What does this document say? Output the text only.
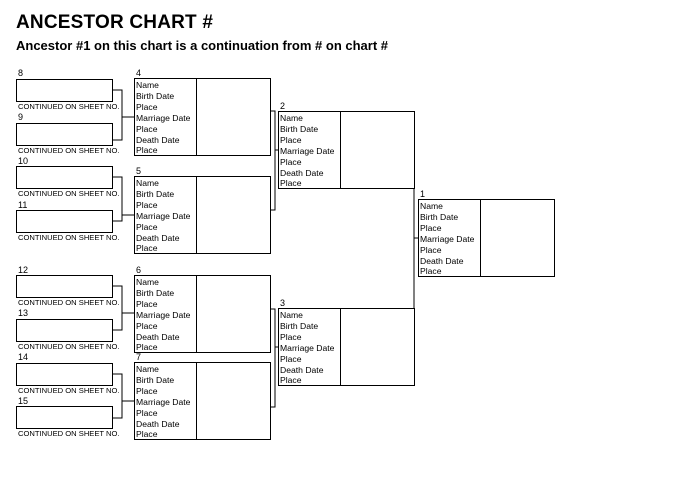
ANCESTOR CHART #
Ancestor #1 on this chart is a continuation from # on chart #
8
CONTINUED ON SHEET NO.
9
CONTINUED ON SHEET NO.
10
CONTINUED ON SHEET NO.
11
CONTINUED ON SHEET NO.
12
CONTINUED ON SHEET NO.
13
CONTINUED ON SHEET NO.
14
CONTINUED ON SHEET NO.
15
CONTINUED ON SHEET NO.
4
Name
Birth Date
Place
Marriage Date
Place
Death Date
Place
5
Name
Birth Date
Place
Marriage Date
Place
Death Date
Place
6
Name
Birth Date
Place
Marriage Date
Place
Death Date
Place
7
Name
Birth Date
Place
Marriage Date
Place
Death Date
Place
2
Name
Birth Date
Place
Marriage Date
Place
Death Date
Place
3
Name
Birth Date
Place
Marriage Date
Place
Death Date
Place
1
Name
Birth Date
Place
Marriage Date
Place
Death Date
Place
